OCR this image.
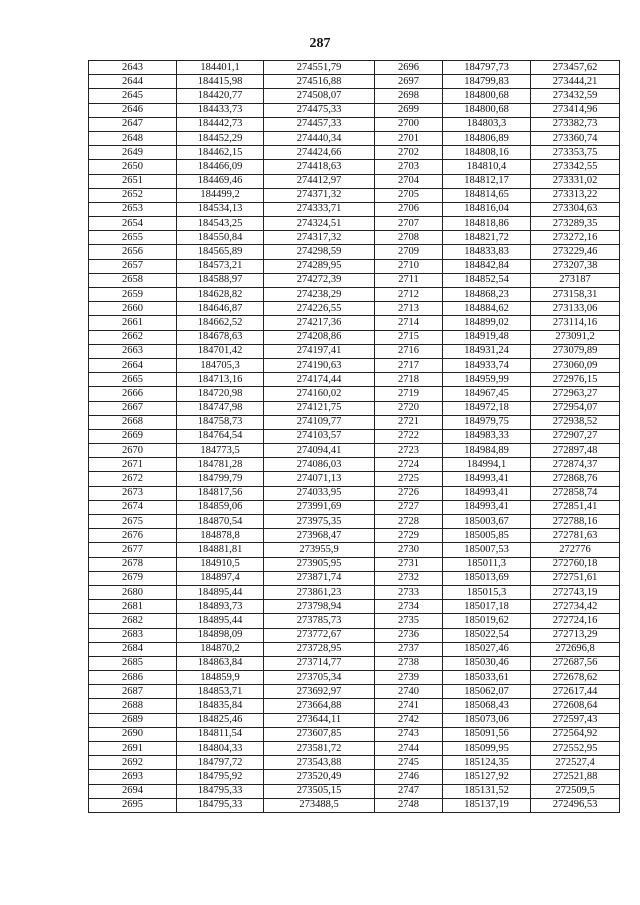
287
2643	184401,1	274551,79	2696	184797,73	273457,62
2644	184415,98	274516,88	2697	184799,83	273444,21
2645	184420,77	274508,07	2698	184800,68	273432,59
2646	184433,73	274475,33	2699	184800,68	273414,96
2647	184442,73	274457,33	2700	184803,3	273382,73
2648	184452,29	274440,34	2701	184806,89	273360,74
2649	184462,15	274424,66	2702	184808,16	273353,75
2650	184466,09	274418,63	2703	184810,4	273342,55
2651	184469,46	274412,97	2704	184812,17	273331,02
2652	184499,2	274371,32	2705	184814,65	273313,22
2653	184534,13	274333,71	2706	184816,04	273304,63
2654	184543,25	274324,51	2707	184818,86	273289,35
2655	184550,84	274317,32	2708	184821,72	273272,16
2656	184565,89	274298,59	2709	184833,83	273229,46
2657	184573,21	274289,95	2710	184842,84	273207,38
2658	184588,97	274272,39	2711	184852,54	273187
2659	184628,82	274238,29	2712	184868,23	273158,31
2660	184646,87	274226,55	2713	184884,62	273133,06
2661	184662,52	274217,36	2714	184899,02	273114,16
2662	184678,63	274208,86	2715	184919,48	273091,2
2663	184701,42	274197,41	2716	184931,24	273079,89
2664	184705,3	274190,63	2717	184933,74	273060,09
2665	184713,16	274174,44	2718	184959,99	272976,15
2666	184720,98	274160,02	2719	184967,45	272963,27
2667	184747,98	274121,75	2720	184972,18	272954,07
2668	184758,73	274109,77	2721	184979,75	272938,52
2669	184764,54	274103,57	2722	184983,33	272907,27
2670	184773,5	274094,41	2723	184984,89	272897,48
2671	184781,28	274086,03	2724	184994,1	272874,37
2672	184799,79	274071,13	2725	184993,41	272868,76
2673	184817,56	274033,95	2726	184993,41	272858,74
2674	184859,06	273991,69	2727	184993,41	272851,41
2675	184870,54	273975,35	2728	185003,67	272788,16
2676	184878,8	273968,47	2729	185005,85	272781,63
2677	184881,81	273955,9	2730	185007,53	272776
2678	184910,5	273905,95	2731	185011,3	272760,18
2679	184897,4	273871,74	2732	185013,69	272751,61
2680	184895,44	273861,23	2733	185015,3	272743,19
2681	184893,73	273798,94	2734	185017,18	272734,42
2682	184895,44	273785,73	2735	185019,62	272724,16
2683	184898,09	273772,67	2736	185022,54	272713,29
2684	184870,2	273728,95	2737	185027,46	272696,8
2685	184863,84	273714,77	2738	185030,46	272687,56
2686	184859,9	273705,34	2739	185033,61	272678,62
2687	184853,71	273692,97	2740	185062,07	272617,44
2688	184835,84	273664,88	2741	185068,43	272608,64
2689	184825,46	273644,11	2742	185073,06	272597,43
2690	184811,54	273607,85	2743	185091,56	272564,92
2691	184804,33	273581,72	2744	185099,95	272552,95
2692	184797,72	273543,88	2745	185124,35	272527,4
2693	184795,92	273520,49	2746	185127,92	272521,88
2694	184795,33	273505,15	2747	185131,52	272509,5
2695	184795,33	273488,5	2748	185137,19	272496,53
